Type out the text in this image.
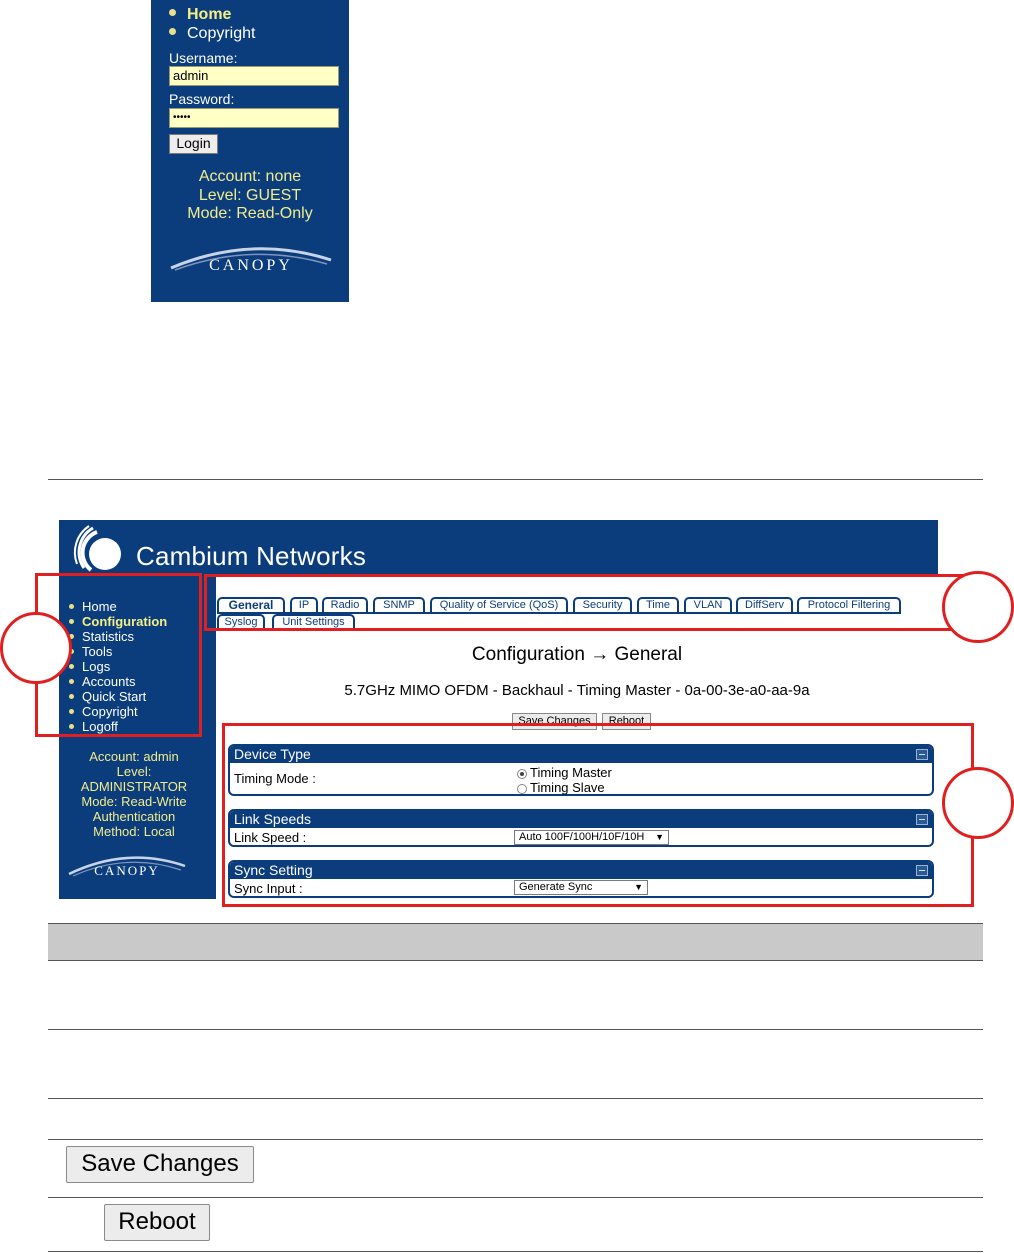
Home
Copyright
Username:
admin
Password:
•••••
Login
Account: none
Level: GUEST
Mode: Read-Only
CANOPY
Cambium Networks
Home
Configuration
Statistics
Tools
Logs
Accounts
Quick Start
Copyright
Logoff
Account: admin
Level:
ADMINISTRATOR
Mode: Read-Write
Authentication
Method: Local
CANOPY
General	IP	Radio	SNMP	Quality of Service (QoS)	Security	Time	VLAN	DiffServ	Protocol Filtering
Syslog	Unit Settings
Configuration → General
5.7GHz MIMO OFDM - Backhaul - Timing Master - 0a-00-3e-a0-aa-9a
Save Changes	Reboot
Device Type
Timing Mode :	Timing Master
Timing Slave
Link Speeds
Link Speed :	Auto 100F/100H/10F/10H ▼
Sync Setting
Sync Input :	Generate Sync	▼
Save Changes
Reboot
